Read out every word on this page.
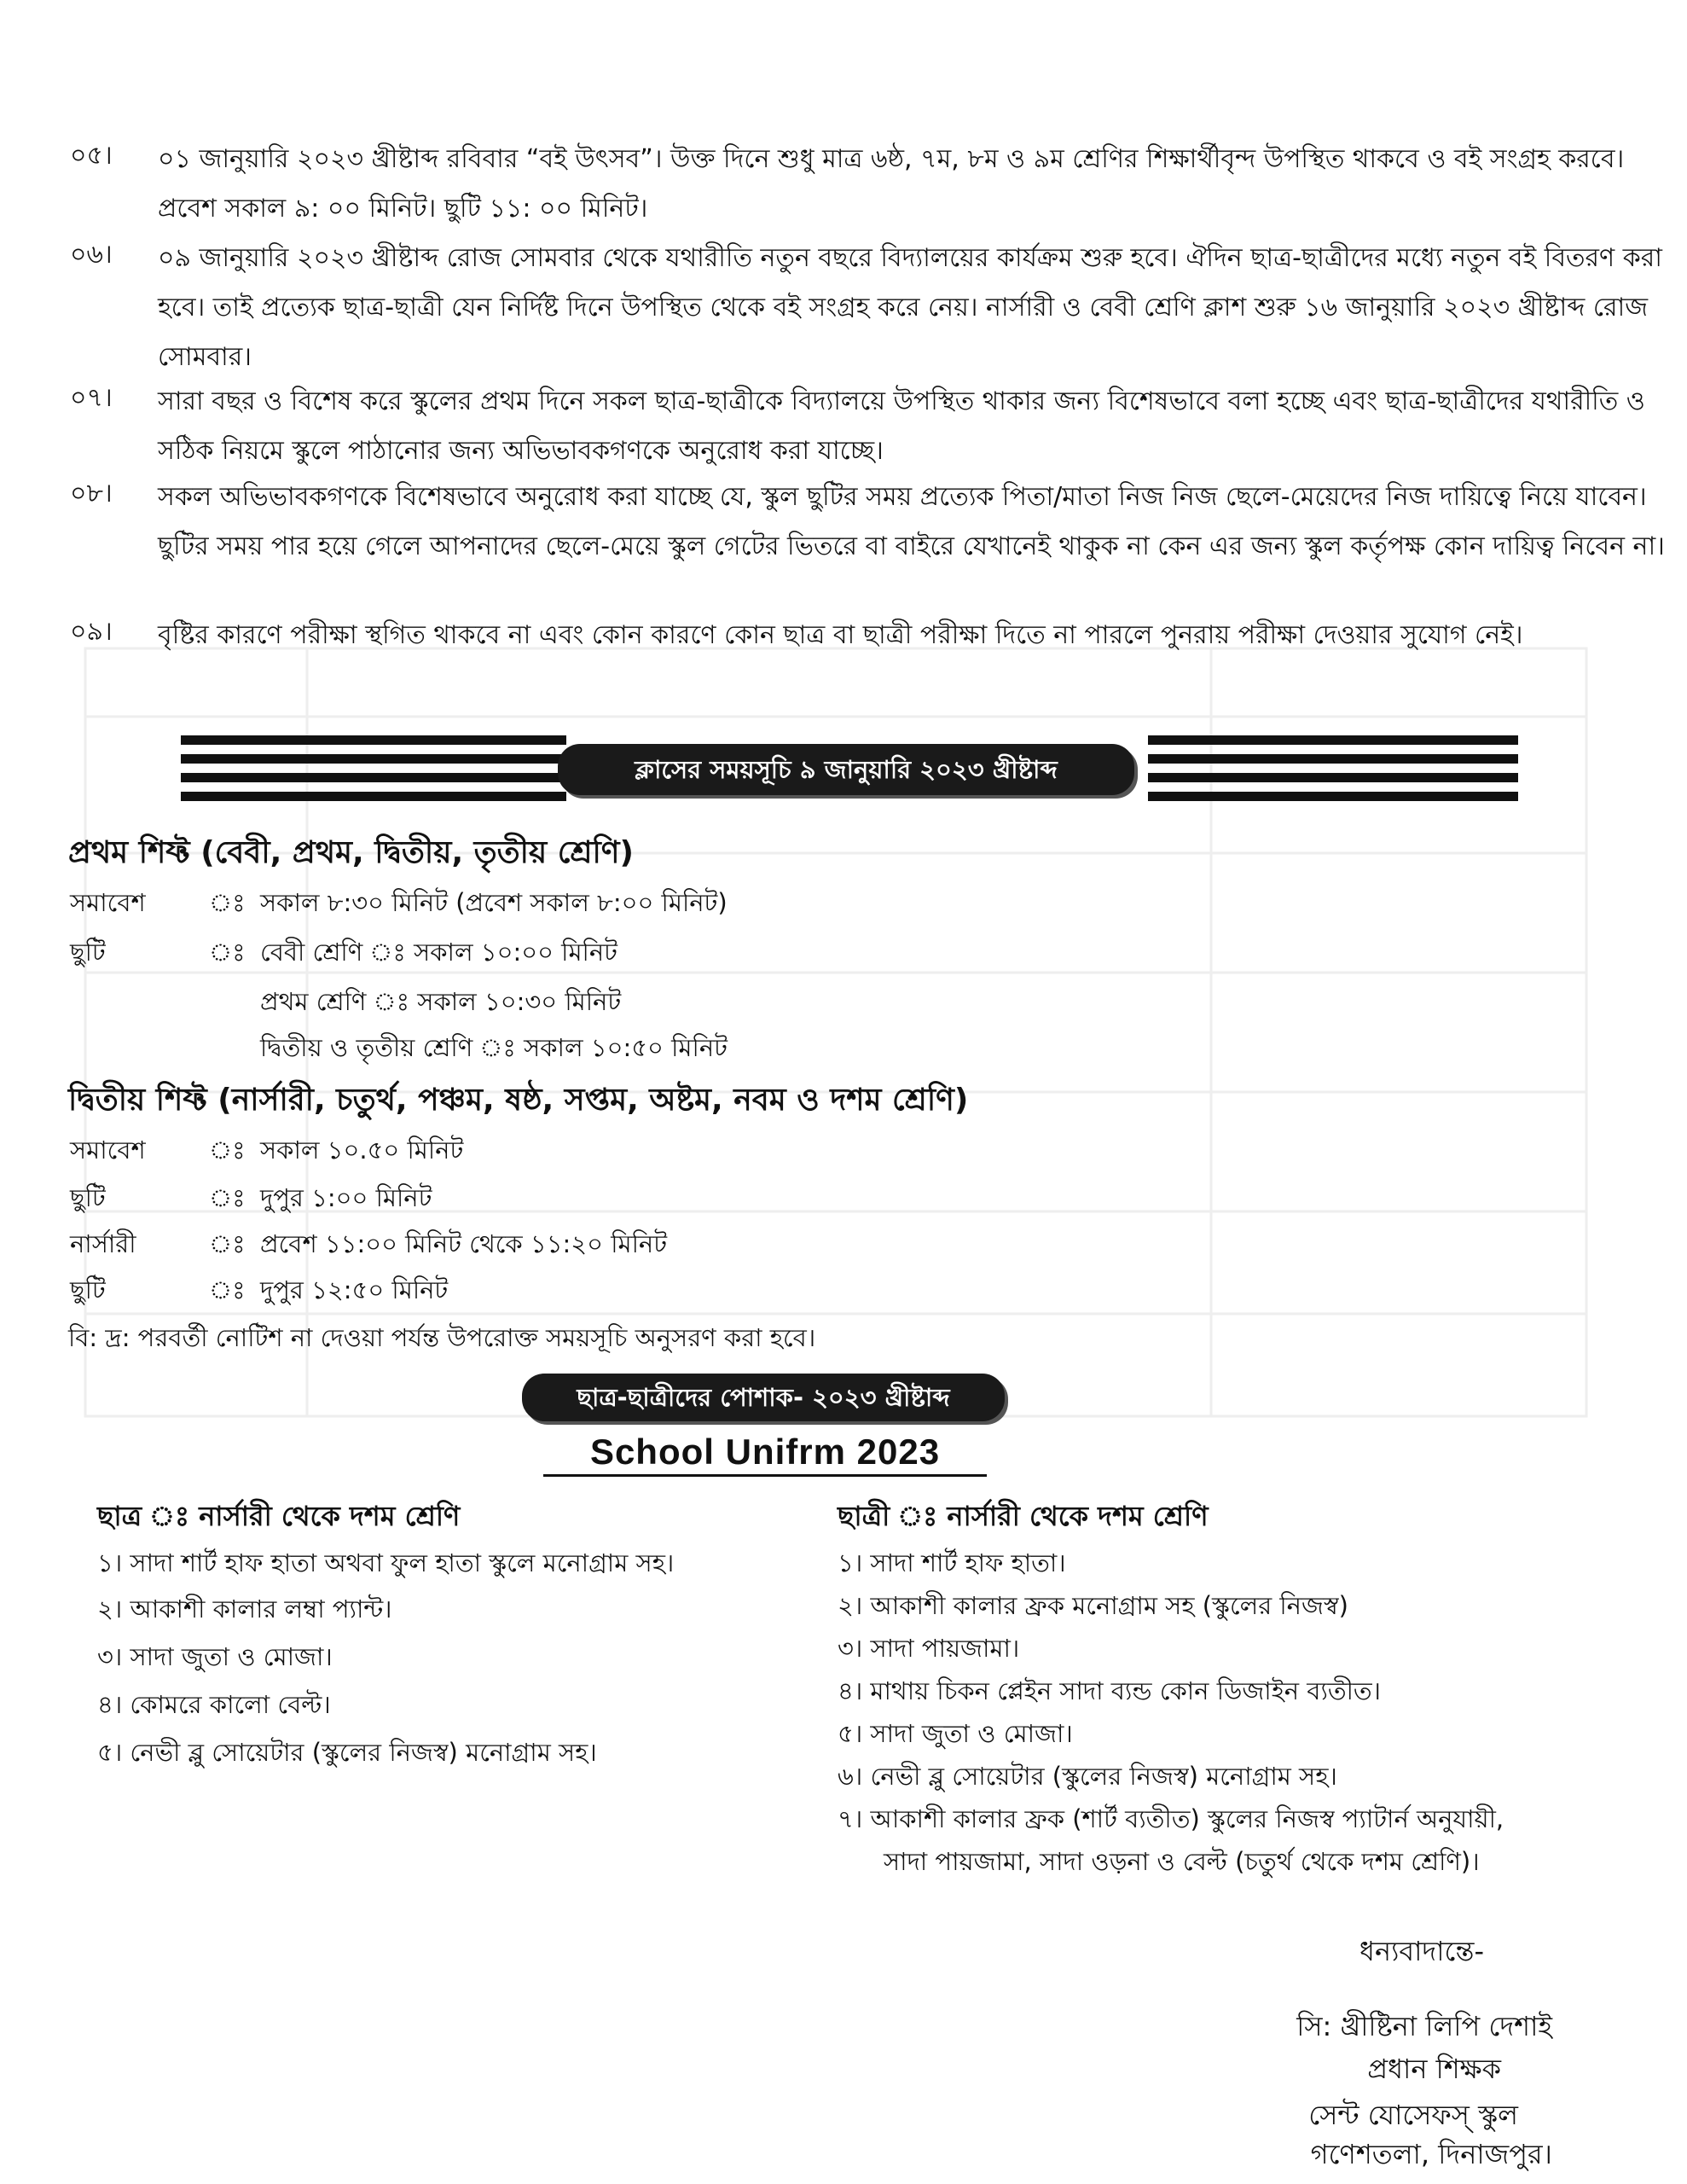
০৫। ০১ জানুয়ারি ২০২৩ খ্রীষ্টাব্দ রবিবার “বই উৎসব”। উক্ত দিনে শুধু মাত্র ৬ষ্ঠ, ৭ম, ৮ম ও ৯ম শ্রেণির শিক্ষার্থীবৃন্দ উপস্থিত থাকবে ও বই সংগ্রহ করবে। প্রবেশ সকাল ৯: ০০ মিনিট। ছুটি ১১: ০০ মিনিট।
০৬। ০৯ জানুয়ারি ২০২৩ খ্রীষ্টাব্দ রোজ সোমবার থেকে যথারীতি নতুন বছরে বিদ্যালয়ের কার্যক্রম শুরু হবে। ঐদিন ছাত্র-ছাত্রীদের মধ্যে নতুন বই বিতরণ করা হবে। তাই প্রত্যেক ছাত্র-ছাত্রী যেন নির্দিষ্ট দিনে উপস্থিত থেকে বই সংগ্রহ করে নেয়। নার্সারী ও বেবী শ্রেণি ক্লাশ শুরু ১৬ জানুয়ারি ২০২৩ খ্রীষ্টাব্দ রোজ সোমবার।
০৭। সারা বছর ও বিশেষ করে স্কুলের প্রথম দিনে সকল ছাত্র-ছাত্রীকে বিদ্যালয়ে উপস্থিত থাকার জন্য বিশেষভাবে বলা হচ্ছে এবং ছাত্র-ছাত্রীদের যথারীতি ও সঠিক নিয়মে স্কুলে পাঠানোর জন্য অভিভাবকগণকে অনুরোধ করা যাচ্ছে।
০৮। সকল অভিভাবকগণকে বিশেষভাবে অনুরোধ করা যাচ্ছে যে, স্কুল ছুটির সময় প্রত্যেক পিতা/মাতা নিজ নিজ ছেলে-মেয়েদের নিজ দায়িত্বে নিয়ে যাবেন। ছুটির সময় পার হয়ে গেলে আপনাদের ছেলে-মেয়ে স্কুল গেটের ভিতরে বা বাইরে যেখানেই থাকুক না কেন এর জন্য স্কুল কর্তৃপক্ষ কোন দায়িত্ব নিবেন না।
০৯। বৃষ্টির কারণে পরীক্ষা স্থগিত থাকবে না এবং কোন কারণে কোন ছাত্র বা ছাত্রী পরীক্ষা দিতে না পারলে পুনরায় পরীক্ষা দেওয়ার সুযোগ নেই।
ক্লাসের সময়সূচি ৯ জানুয়ারি ২০২৩ খ্রীষ্টাব্দ
প্রথম শিফ্ট (বেবী, প্রথম, দ্বিতীয়, তৃতীয় শ্রেণি)
সমাবেশ	ঃ সকাল ৮:৩০ মিনিট (প্রবেশ সকাল ৮:০০ মিনিট)
ছুটি	ঃ বেবী শ্রেণি ঃ সকাল ১০:০০ মিনিট
প্রথম শ্রেণি ঃ সকাল ১০:৩০ মিনিট
দ্বিতীয় ও তৃতীয় শ্রেণি ঃ সকাল ১০:৫০ মিনিট
দ্বিতীয় শিফ্ট (নার্সারী, চতুর্থ, পঞ্চম, ষষ্ঠ, সপ্তম, অষ্টম, নবম ও দশম শ্রেণি)
সমাবেশ	ঃ সকাল ১০.৫০ মিনিট
ছুটি	ঃ দুপুর ১:০০ মিনিট
নার্সারী	ঃ প্রবেশ ১১:০০ মিনিট থেকে ১১:২০ মিনিট
ছুটি	ঃ দুপুর ১২:৫০ মিনিট
বি: দ্র: পরবর্তী নোটিশ না দেওয়া পর্যন্ত উপরোক্ত সময়সূচি অনুসরণ করা হবে।
ছাত্র-ছাত্রীদের পোশাক- ২০২৩ খ্রীষ্টাব্দ
School Unifrm 2023
ছাত্র ঃ নার্সারী থেকে দশম শ্রেণি
১। সাদা শার্ট হাফ হাতা অথবা ফুল হাতা স্কুলে মনোগ্রাম সহ।
২। আকাশী কালার লম্বা প্যান্ট।
৩। সাদা জুতা ও মোজা।
৪। কোমরে কালো বেল্ট।
৫। নেভী ব্লু সোয়েটার (স্কুলের নিজস্ব) মনোগ্রাম সহ।
ছাত্রী ঃ নার্সারী থেকে দশম শ্রেণি
১। সাদা শার্ট হাফ হাতা।
২। আকাশী কালার ফ্রক মনোগ্রাম সহ (স্কুলের নিজস্ব)
৩। সাদা পায়জামা।
৪। মাথায় চিকন প্লেইন সাদা ব্যন্ড কোন ডিজাইন ব্যতীত।
৫। সাদা জুতা ও মোজা।
৬। নেভী ব্লু সোয়েটার (স্কুলের নিজস্ব) মনোগ্রাম সহ।
৭। আকাশী কালার ফ্রক (শার্ট ব্যতীত) স্কুলের নিজস্ব প্যাটার্ন অনুযায়ী,
সাদা পায়জামা, সাদা ওড়না ও বেল্ট (চতুর্থ থেকে দশম শ্রেণি)।
ধন্যবাদান্তে-
সি: খ্রীষ্টিনা লিপি দেশাই
প্রধান শিক্ষক
সেন্ট যোসেফস্ স্কুল
গণেশতলা, দিনাজপুর।
